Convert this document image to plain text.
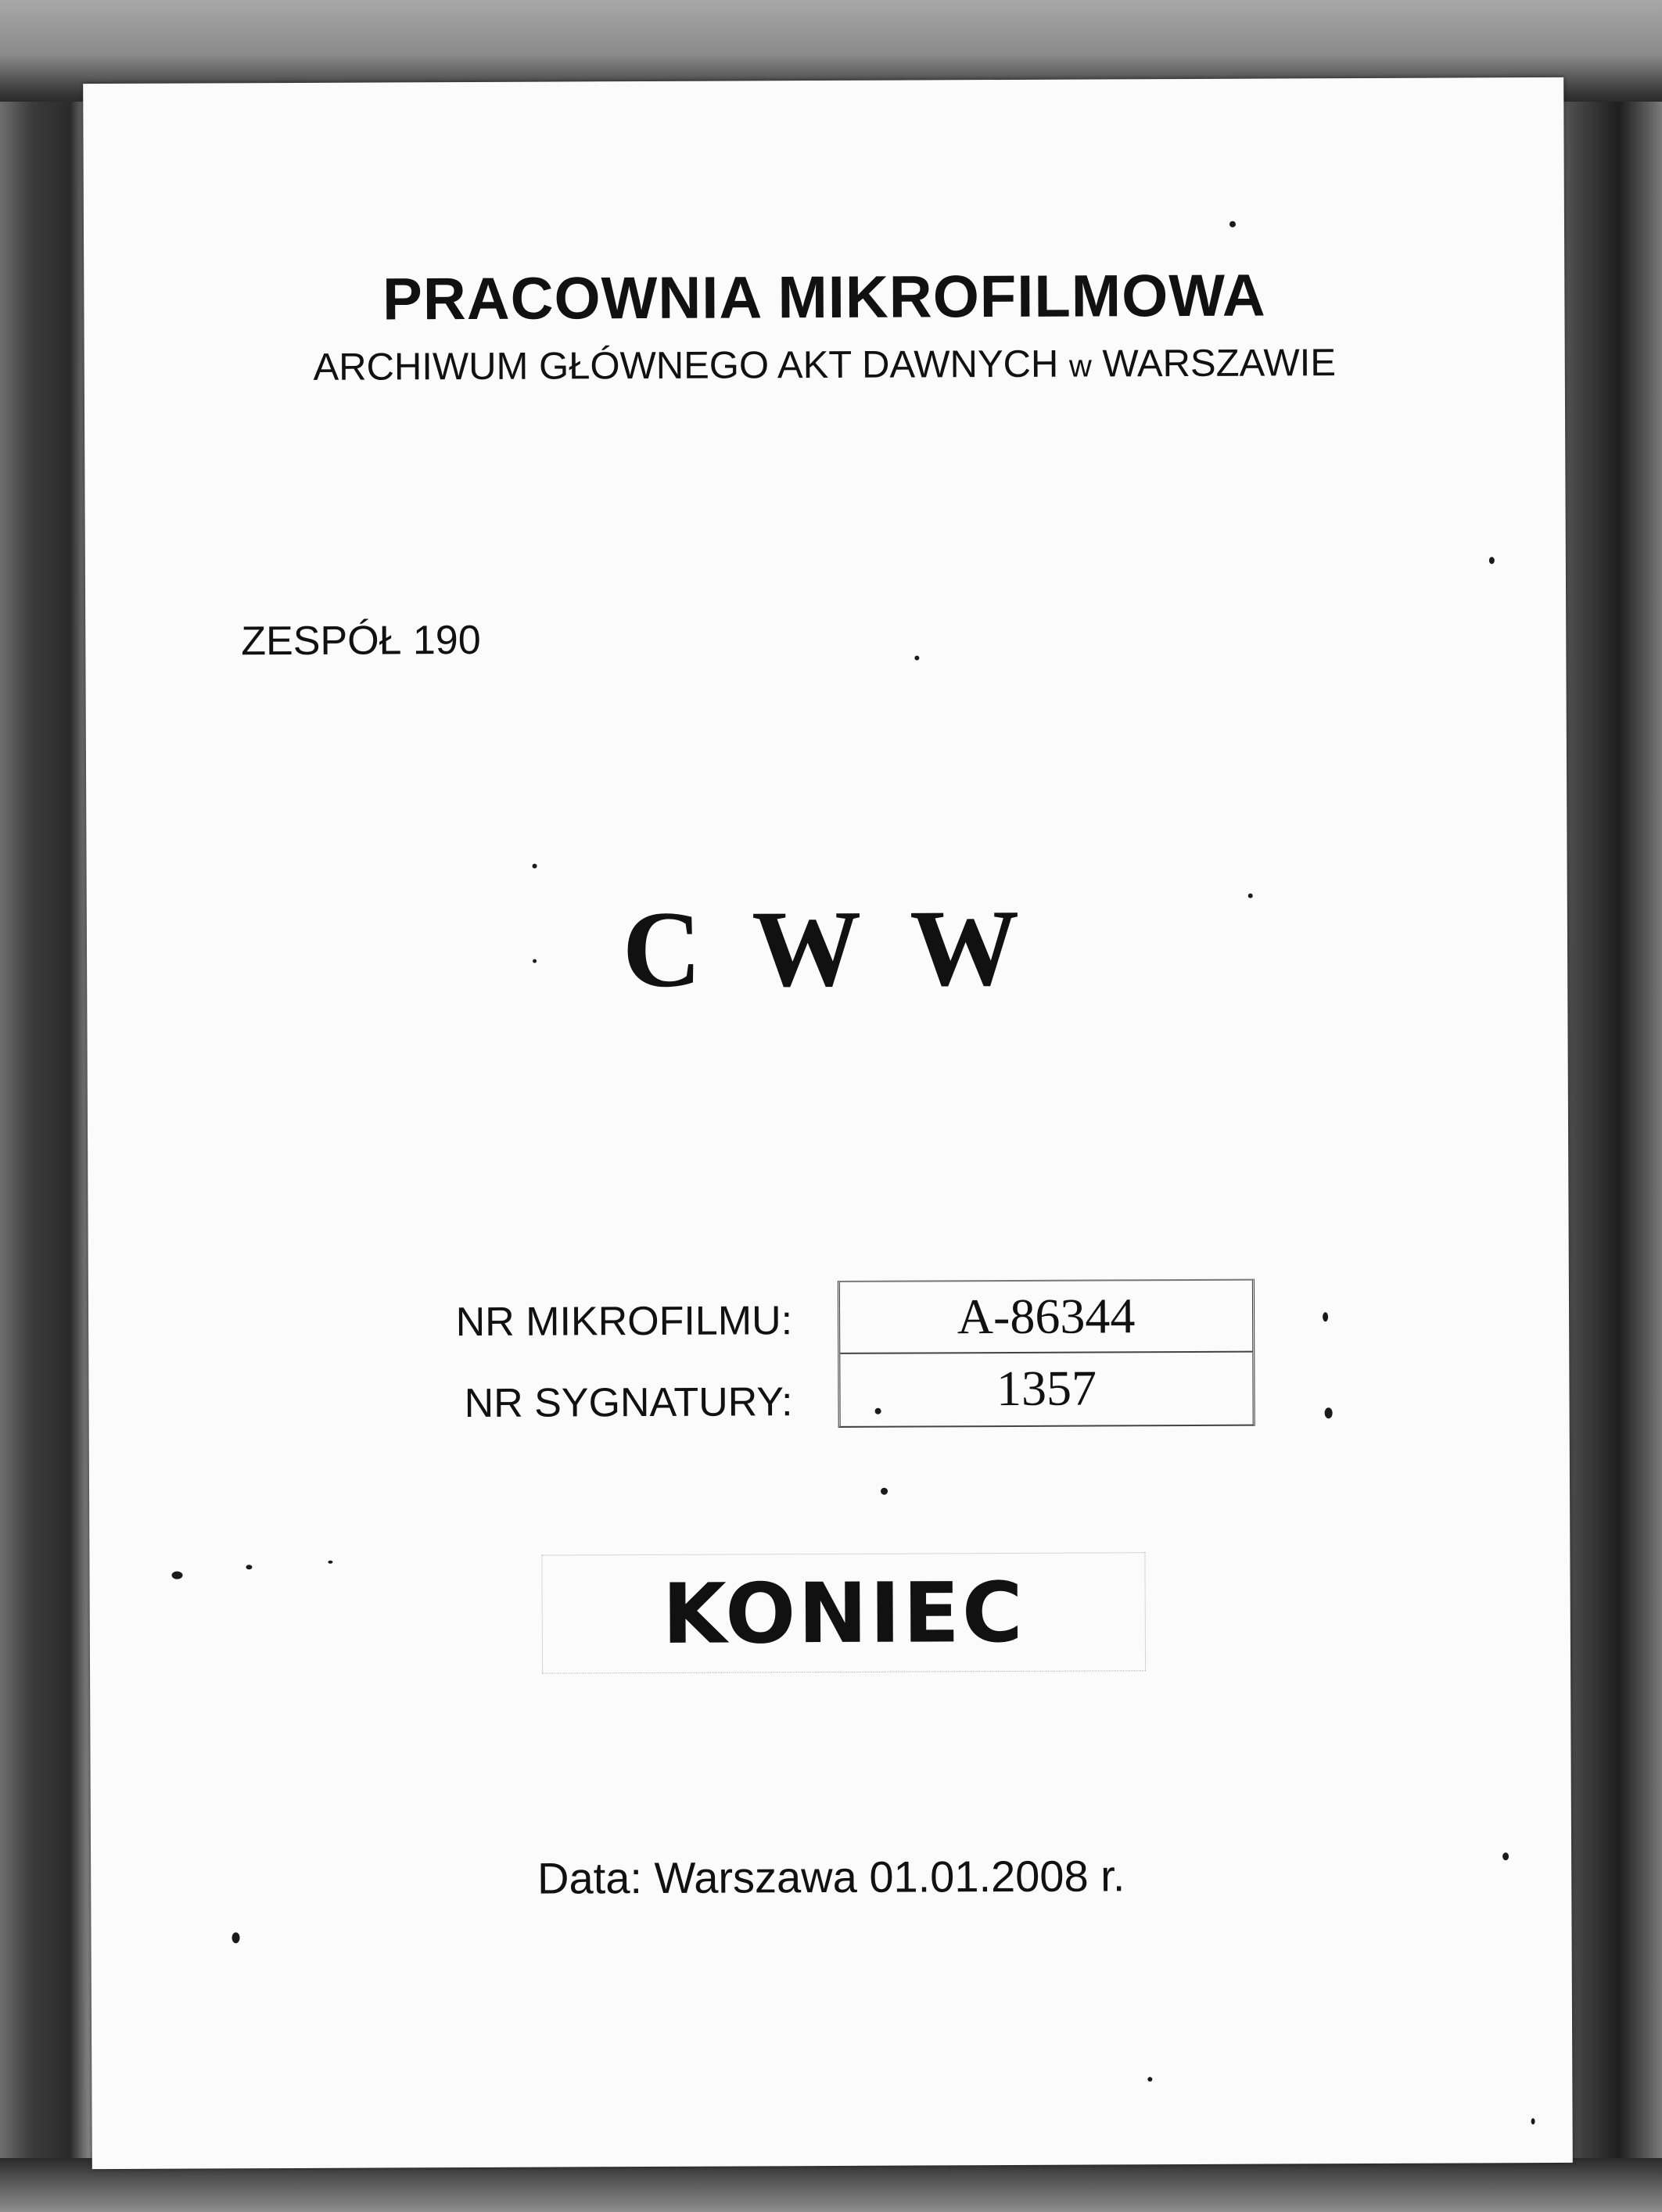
PRACOWNIA MIKROFILMOWA
ARCHIWUM GŁÓWNEGO AKT DAWNYCH w WARSZAWIE
ZESPÓŁ 190
C W W
NR MIKROFILMU:
NR SYGNATURY:
A-86344
1357
KONIEC
Data: Warszawa 01.01.2008 r.
